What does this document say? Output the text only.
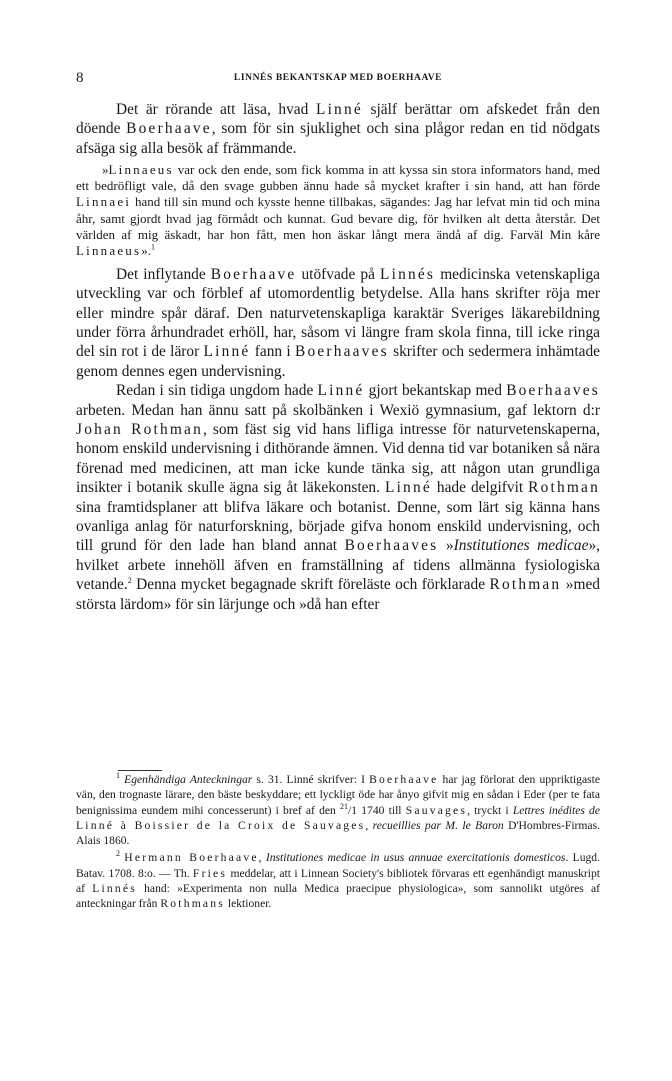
8	LINNÉS BEKANTSKAP MED BOERHAAVE

Det är rörande att läsa, hvad Linné själf berättar om afskedet från den döende Boerhaave, som för sin sjuklighet och sina plågor redan en tid nödgats afsäga sig alla besök af främmande.

»Linnaeus var ock den ende, som fick komma in att kyssa sin stora informators hand, med ett bedröfligt vale, då den svage gubben ännu hade så mycket krafter i sin hand, att han förde Linnaei hand till sin mund och kysste henne tillbakas, sägandes: Jag har lefvat min tid och mina åhr, samt gjordt hvad jag förmådt och kunnat. Gud bevare dig, för hvilken alt detta återstår. Det världen af mig äskadt, har hon fått, men hon äskar långt mera ändå af dig. Farväl Min kåre Linnaeus».$^1$

Det inflytande Boerhaave utöfvade på Linnés medicinska vetenskapliga utveckling var och förblef af utomordentlig betydelse. Alla hans skrifter röja mer eller mindre spår däraf. Den naturvetenskapliga karaktär Sveriges läkarebildning under förra århundradet erhöll, har, såsom vi längre fram skola finna, till icke ringa del sin rot i de läror Linné fann i Boerhaaves skrifter och sedermera inhämtade genom dennes egen undervisning.

Redan i sin tidiga ungdom hade Linné gjort bekantskap med Boerhaaves arbeten. Medan han ännu satt på skolbänken i Wexiö gymnasium, gaf lektorn d:r Johan Rothman, som fäst sig vid hans lifliga intresse för naturvetenskaperna, honom enskild undervisning i dithörande ämnen. Vid denna tid var botaniken så nära förenad med medicinen, att man icke kunde tänka sig, att någon utan grundliga insikter i botanik skulle ägna sig åt läkekonsten. Linné hade delgifvit Rothman sina framtidsplaner att blifva läkare och botanist. Denne, som lärt sig känna hans ovanliga anlag för naturforskning, började gifva honom enskild undervisning, och till grund för den lade han bland annat Boerhaaves »Institutiones medicae», hvilket arbete innehöll äfven en framställning af tidens allmänna fysiologiska vetande.$^2$ Denna mycket begagnade skrift föreläste och förklarade Rothman »med största lärdom» för sin lärjunge och »då han efter

$^1$ Egenhändiga Anteckningar s. 31. Linné skrifver: I Boerhaave har jag förlorat den uppriktigaste vän, den trognaste lärare, den bäste beskyddare; ett lyckligt öde har ånyo gifvit mig en sådan i Eder (per te fata benignissima eundem mihi concesserunt) i bref af den $^{21}$/1 1740 till Sauvages, tryckt i Lettres inédites de Linné à Boissier de la Croix de Sauvages, recueillies par M. le Baron D'Hombres-Firmas. Alais 1860.

$^2$ Hermann Boerhaave, Institutiones medicae in usus annuae exercitationis domesticos. Lugd. Batav. 1708. 8:o. — Th. Fries meddelar, att i Linnean Society's bibliotek förvaras ett egenhändigt manuskript af Linnés hand: »Experimenta non nulla Medica praecipue physiologica», som sannolikt utgöres af anteckningar från Rothmans lektioner.
